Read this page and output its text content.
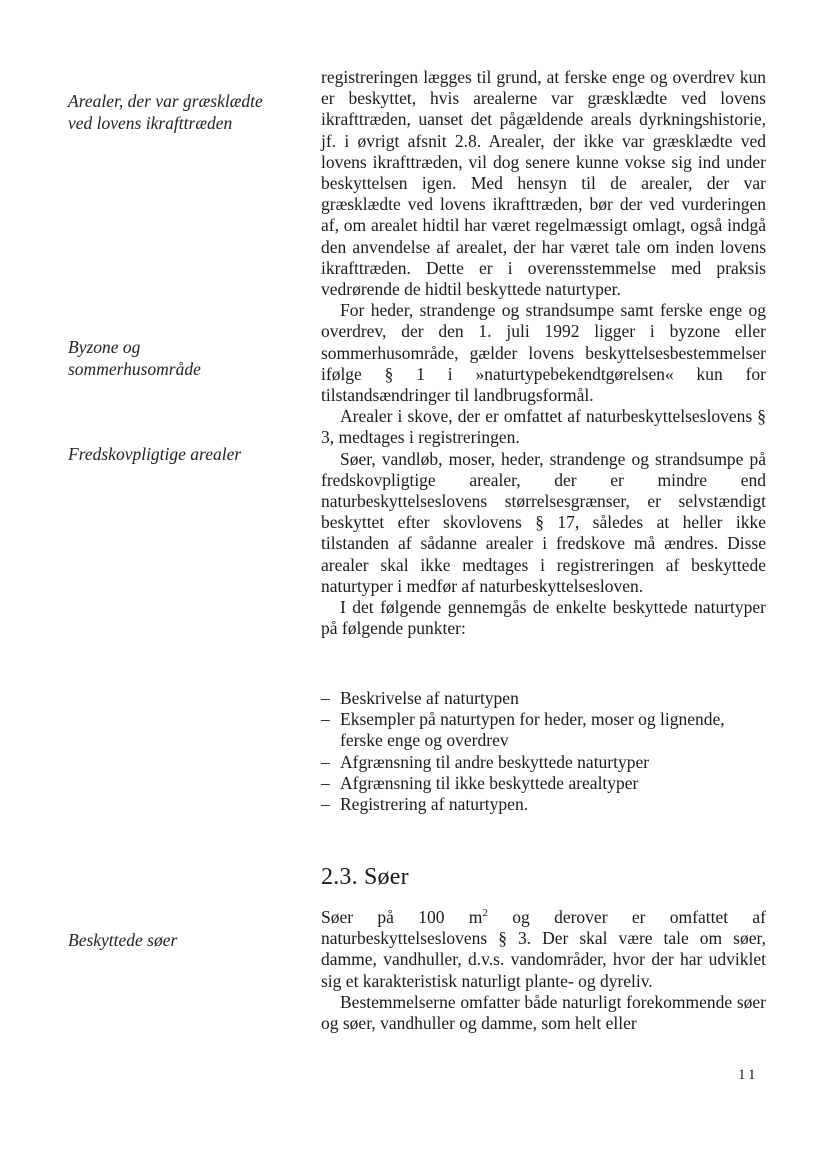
Arealer, der var græsklædte
ved lovens ikrafttræden
Byzone og
sommerhusområde
Fredskovpligtige arealer
Beskyttede søer

registreringen lægges til grund, at ferske enge og overdrev kun er beskyttet, hvis arealerne var græsklædte ved lovens ikrafttræden, uanset det pågældende areals dyrkningshistorie, jf. i øvrigt afsnit 2.8. Arealer, der ikke var græsklædte ved lovens ikrafttræden, vil dog senere kunne vokse sig ind under beskyttelsen igen. Med hensyn til de arealer, der var græsklædte ved lovens ikrafttræden, bør der ved vurderingen af, om arealet hidtil har været regelmæssigt omlagt, også indgå den anvendelse af arealet, der har været tale om inden lovens ikrafttræden. Dette er i overensstemmelse med praksis vedrørende de hidtil beskyttede naturtyper.

For heder, strandenge og strandsumpe samt ferske enge og overdrev, der den 1. juli 1992 ligger i byzone eller sommerhusområde, gælder lovens beskyttelsesbestemmelser ifølge § 1 i »naturtypebekendtgørelsen« kun for tilstandsændringer til landbrugsformål.

Arealer i skove, der er omfattet af naturbeskyttelseslovens § 3, medtages i registreringen.

Søer, vandløb, moser, heder, strandenge og strandsumpe på fredskovpligtige arealer, der er mindre end naturbeskyttelseslovens størrelsesgrænser, er selvstændigt beskyttet efter skovlovens § 17, således at heller ikke tilstanden af sådanne arealer i fredskove må ændres. Disse arealer skal ikke medtages i registreringen af beskyttede naturtyper i medfør af naturbeskyttelsesloven.

I det følgende gennemgås de enkelte beskyttede naturtyper på følgende punkter:

– Beskrivelse af naturtypen
– Eksempler på naturtypen for heder, moser og lignende,
ferske enge og overdrev
– Afgrænsning til andre beskyttede naturtyper
– Afgrænsning til ikke beskyttede arealtyper
– Registrering af naturtypen.
2.3. Søer

Søer på 100 $m^2$ og derover er omfattet af naturbeskyttelseslovens § 3. Der skal være tale om søer, damme, vandhuller, d.v.s. vandområder, hvor der har udviklet sig et karakteristisk naturligt plante- og dyreliv.

Bestemmelserne omfatter både naturligt forekommende søer og søer, vandhuller og damme, som helt eller

11
